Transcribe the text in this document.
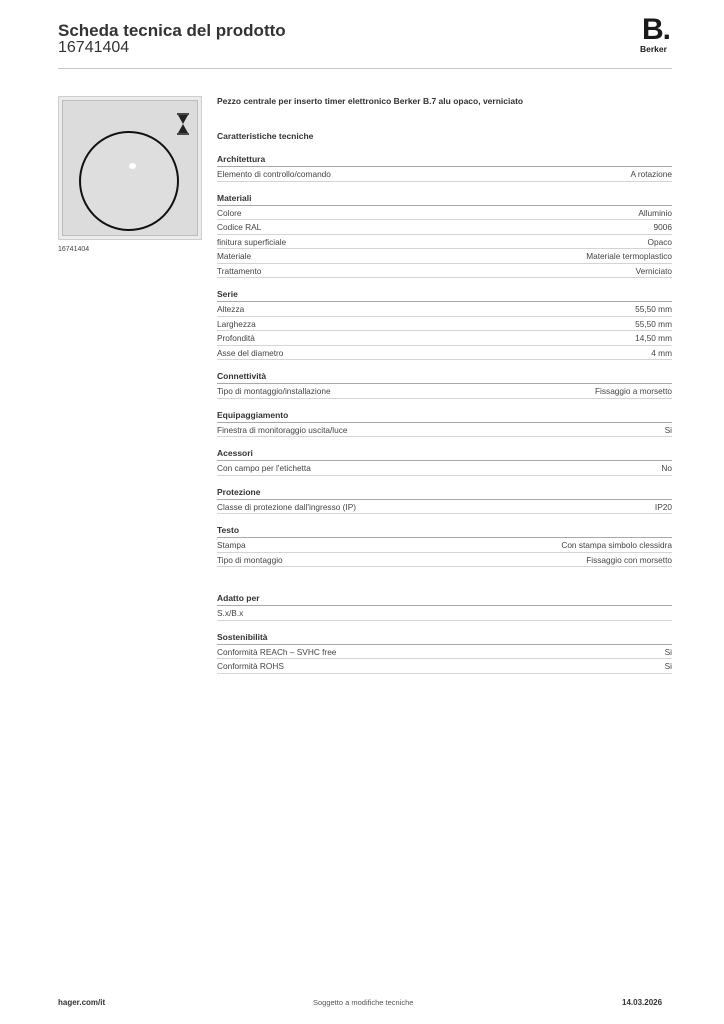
Scheda tecnica del prodotto
16741404
B.
Berker
16741404
Pezzo centrale per inserto timer elettronico Berker B.7 alu opaco, verniciato
Caratteristiche tecniche
Architettura
Elemento di controllo/comando	A rotazione
Materiali
Colore	Alluminio
Codice RAL	9006
finitura superficiale	Opaco
Materiale	Materiale termoplastico
Trattamento	Verniciato
Serie
Altezza	55,50 mm
Larghezza	55,50 mm
Profondità	14,50 mm
Asse del diametro	4 mm
Connettività
Tipo di montaggio/installazione	Fissaggio a morsetto
Equipaggiamento
Finestra di monitoraggio uscita/luce	Si
Acessori
Con campo per l'etichetta	No
Protezione
Classe di protezione dall'ingresso (IP)	IP20
Testo
Stampa	Con stampa simbolo clessidra
Tipo di montaggio	Fissaggio con morsetto
Adatto per
S.x/B.x
Sostenibilità
Conformità REACh – SVHC free	Si
Conformità ROHS	Si
hager.com/it	Soggetto a modifiche tecniche	14.03.2026
